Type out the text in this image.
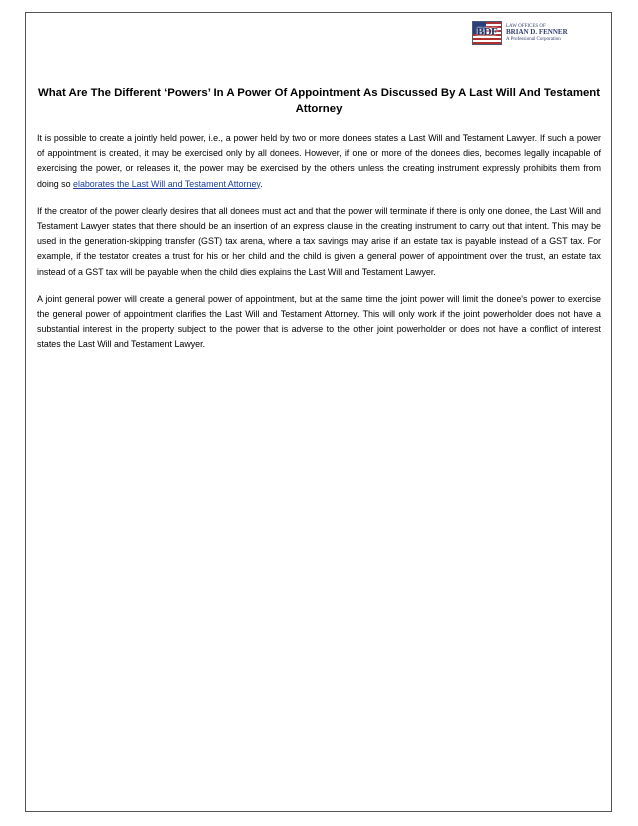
BDF	LAW OFFICES OF
BRIAN D. FENNER
A Professional Corporation
What Are The Different ‘Powers’ In A Power Of Appointment As Discussed By A Last Will And Testament Attorney

It is possible to create a jointly held power, i.e., a power held by two or more donees states a Last Will and Testament Lawyer. If such a power of appointment is created, it may be exercised only by all donees. However, if one or more of the donees dies, becomes legally incapable of exercising the power, or releases it, the power may be exercised by the others unless the creating instrument expressly prohibits them from doing so elaborates the Last Will and Testament Attorney.

If the creator of the power clearly desires that all donees must act and that the power will terminate if there is only one donee, the Last Will and Testament Lawyer states that there should be an insertion of an express clause in the creating instrument to carry out that intent. This may be used in the generation-skipping transfer (GST) tax arena, where a tax savings may arise if an estate tax is payable instead of a GST tax. For example, if the testator creates a trust for his or her child and the child is given a general power of appointment over the trust, an estate tax instead of a GST tax will be payable when the child dies explains the Last Will and Testament Lawyer.

A joint general power will create a general power of appointment, but at the same time the joint power will limit the donee's power to exercise the general power of appointment clarifies the Last Will and Testament Attorney. This will only work if the joint powerholder does not have a substantial interest in the property subject to the power that is adverse to the other joint powerholder or does not have a conflict of interest states the Last Will and Testament Lawyer.
